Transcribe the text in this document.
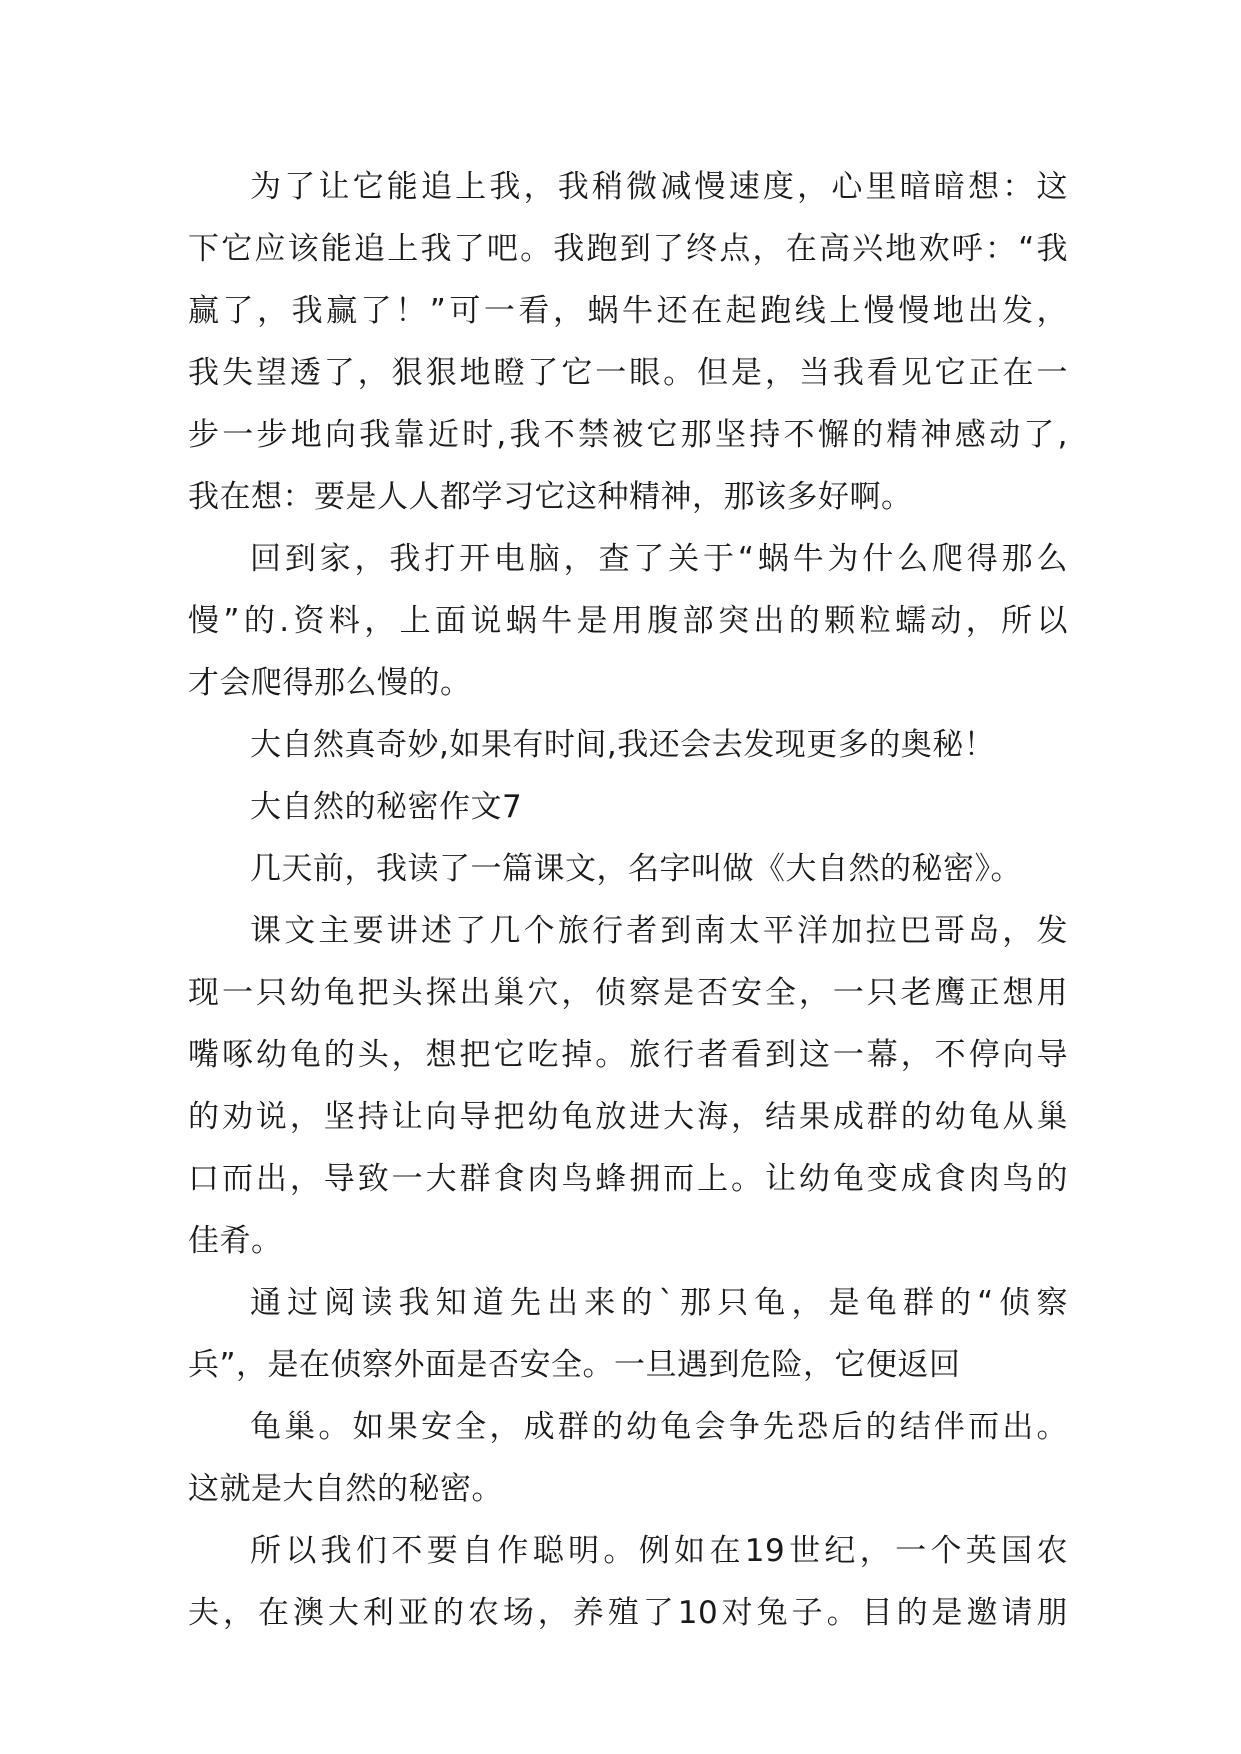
为了让它能追上我，我稍微减慢速度，心里暗暗想：这
下它应该能追上我了吧。我跑到了终点，在高兴地欢呼：“我
赢了，我赢了！”可一看，蜗牛还在起跑线上慢慢地出发，
我失望透了，狠狠地瞪了它一眼。但是，当我看见它正在一
步一步地向我靠近时,我不禁被它那坚持不懈的精神感动了,
我在想：要是人人都学习它这种精神，那该多好啊。
回到家，我打开电脑，查了关于“蜗牛为什么爬得那么
慢”的.资料，上面说蜗牛是用腹部突出的颗粒蠕动，所以
才会爬得那么慢的。
大自然真奇妙,如果有时间,我还会去发现更多的奥秘！
大自然的秘密作文7
几天前，我读了一篇课文，名字叫做《大自然的秘密》。
课文主要讲述了几个旅行者到南太平洋加拉巴哥岛，发
现一只幼龟把头探出巢穴，侦察是否安全，一只老鹰正想用
嘴啄幼龟的头，想把它吃掉。旅行者看到这一幕，不停向导
的劝说，坚持让向导把幼龟放进大海，结果成群的幼龟从巢
口而出，导致一大群食肉鸟蜂拥而上。让幼龟变成食肉鸟的
佳肴。
通过阅读我知道先出来的`那只龟，是龟群的“侦察
兵”，是在侦察外面是否安全。一旦遇到危险，它便返回
龟巢。如果安全，成群的幼龟会争先恐后的结伴而出。
这就是大自然的秘密。
所以我们不要自作聪明。例如在19世纪，一个英国农
夫，在澳大利亚的农场，养殖了10对兔子。目的是邀请朋
